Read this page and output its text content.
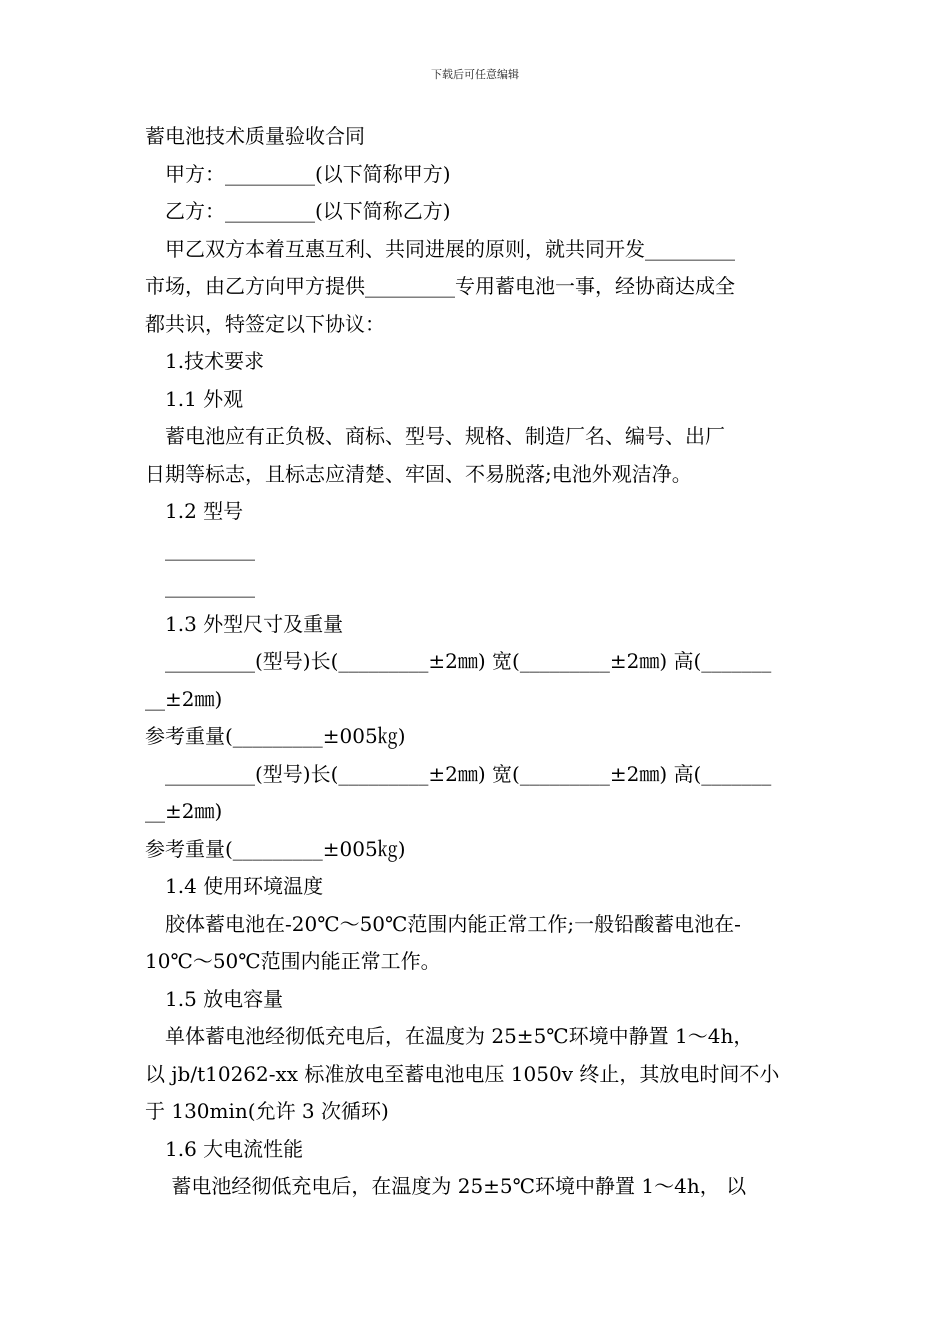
下载后可任意编辑

蓄电池技术质量验收合同

甲方：_________(以下简称甲方)

乙方：_________(以下简称乙方)

甲乙双方本着互惠互利、共同进展的原则，就共同开发_________

市场，由乙方向甲方提供_________专用蓄电池一事，经协商达成全

都共识，特签定以下协议：

1.技术要求

1.1 外观

蓄电池应有正负极、商标、型号、规格、制造厂名、编号、出厂

日期等标志，且标志应清楚、牢固、不易脱落;电池外观洁净。

1.2 型号

_________

_________

1.3 外型尺寸及重量

_________(型号)长(_________±2㎜) 宽(_________±2㎜) 高(_______

__±2㎜)

参考重量(_________±005㎏)

_________(型号)长(_________±2㎜) 宽(_________±2㎜) 高(_______

__±2㎜)

参考重量(_________±005㎏)

1.4 使用环境温度

胶体蓄电池在-20℃～50℃范围内能正常工作;一般铅酸蓄电池在-

10℃～50℃范围内能正常工作。

1.5 放电容量

单体蓄电池经彻低充电后，在温度为 25±5℃环境中静置 1～4h，

以 jb/t10262-xx 标准放电至蓄电池电压 1050v 终止，其放电时间不小

于 130min(允许 3 次循环)

1.6 大电流性能

蓄电池经彻低充电后，在温度为 25±5℃环境中静置 1～4h， 以
